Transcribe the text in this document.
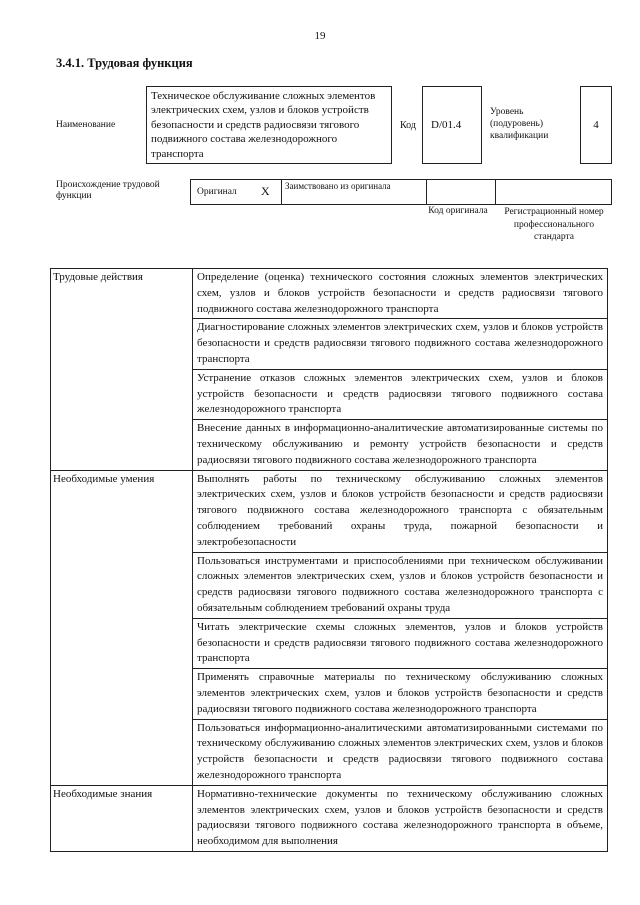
19
3.4.1. Трудовая функция
Наименование
Техническое обслуживание сложных элементов электрических схем, узлов и блоков устройств безопасности и средств радиосвязи тягового подвижного состава железнодорожного транспорта
Код	D/01.4
Уровень (подуровень) квалификации
4
Происхождение трудовой функции	Оригинал X	Заимствовано из оригинала
Код оригинала	Регистрационный номер профессионального стандарта
Трудовые действия	Определение (оценка) технического состояния сложных элементов электрических схем, узлов и блоков устройств безопасности и средств радиосвязи тягового подвижного состава железнодорожного транспорта
	Диагностирование сложных элементов электрических схем, узлов и блоков устройств безопасности и средств радиосвязи тягового подвижного состава железнодорожного транспорта
	Устранение отказов сложных элементов электрических схем, узлов и блоков устройств безопасности и средств радиосвязи тягового подвижного состава железнодорожного транспорта
	Внесение данных в информационно-аналитические автоматизированные системы по техническому обслуживанию и ремонту устройств безопасности и средств радиосвязи тягового подвижного состава железнодорожного транспорта
Необходимые умения	Выполнять работы по техническому обслуживанию сложных элементов электрических схем, узлов и блоков устройств безопасности и средств радиосвязи тягового подвижного состава железнодорожного транспорта с обязательным соблюдением требований охраны труда, пожарной безопасности и электробезопасности
	Пользоваться инструментами и приспособлениями при техническом обслуживании сложных элементов электрических схем, узлов и блоков устройств безопасности и средств радиосвязи тягового подвижного состава железнодорожного транспорта с обязательным соблюдением требований охраны труда
	Читать электрические схемы сложных элементов, узлов и блоков устройств безопасности и средств радиосвязи тягового подвижного состава железнодорожного транспорта
	Применять справочные материалы по техническому обслуживанию сложных элементов электрических схем, узлов и блоков устройств безопасности и средств радиосвязи тягового подвижного состава железнодорожного транспорта
	Пользоваться информационно-аналитическими автоматизированными системами по техническому обслуживанию сложных элементов электрических схем, узлов и блоков устройств безопасности и средств радиосвязи тягового подвижного состава железнодорожного транспорта
Необходимые знания	Нормативно-технические документы по техническому обслуживанию сложных элементов электрических схем, узлов и блоков устройств безопасности и средств радиосвязи тягового подвижного состава железнодорожного транспорта в объеме, необходимом для выполнения
